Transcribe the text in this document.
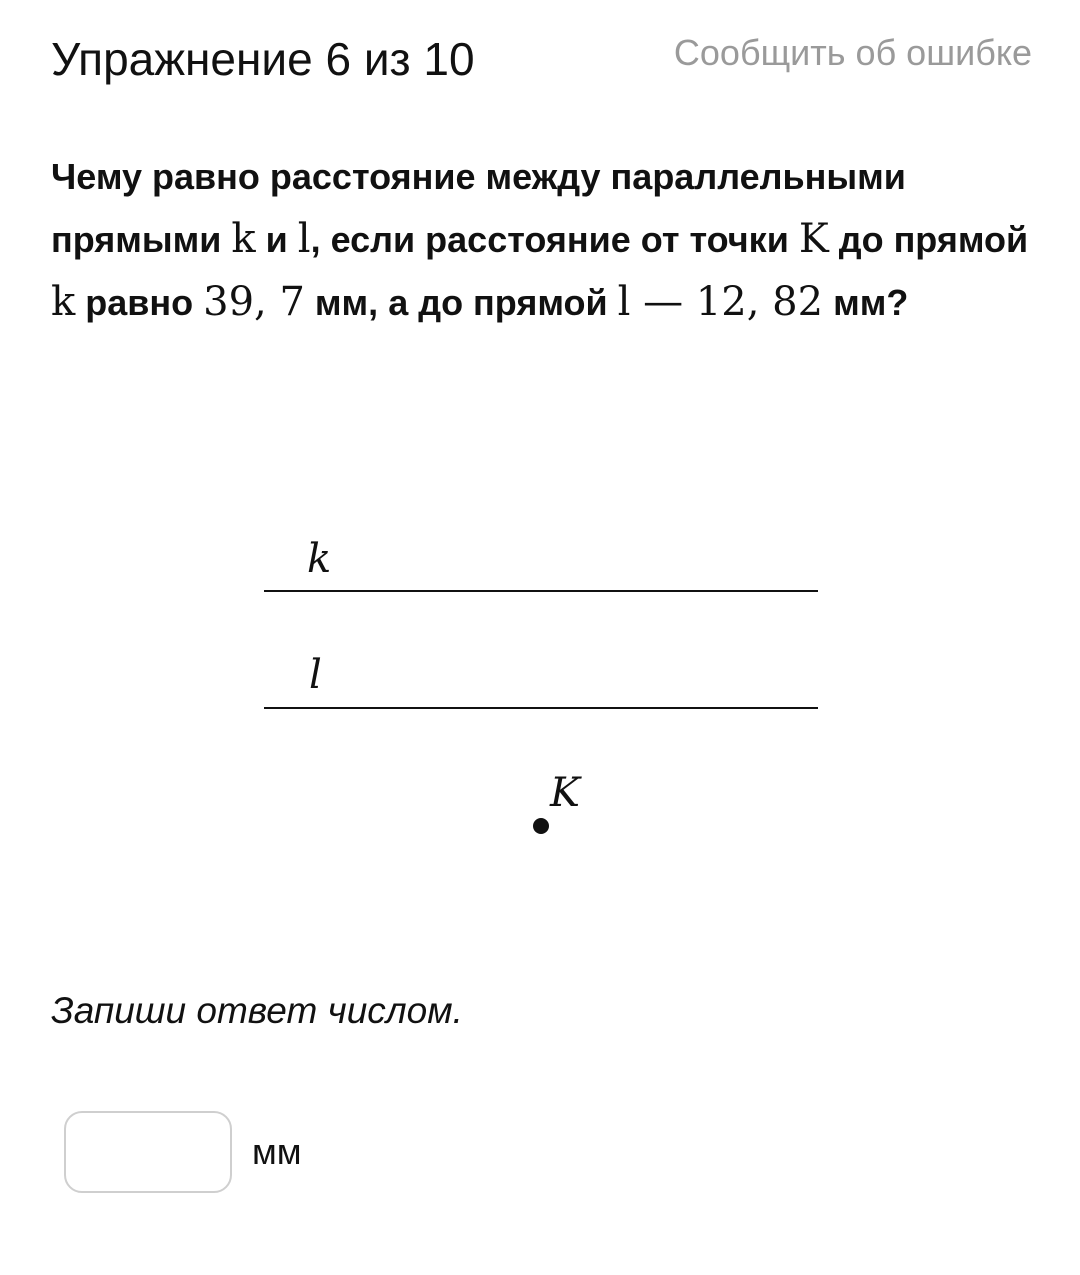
Упражнение 6 из 10	Сообщить об ошибке
Чему равно расстояние между параллельными прямыми k и l, если расстояние от точки K до прямой k равно 39, 7 мм, а до прямой l — 12, 82 мм?
k
l
K
Запиши ответ числом.
мм
